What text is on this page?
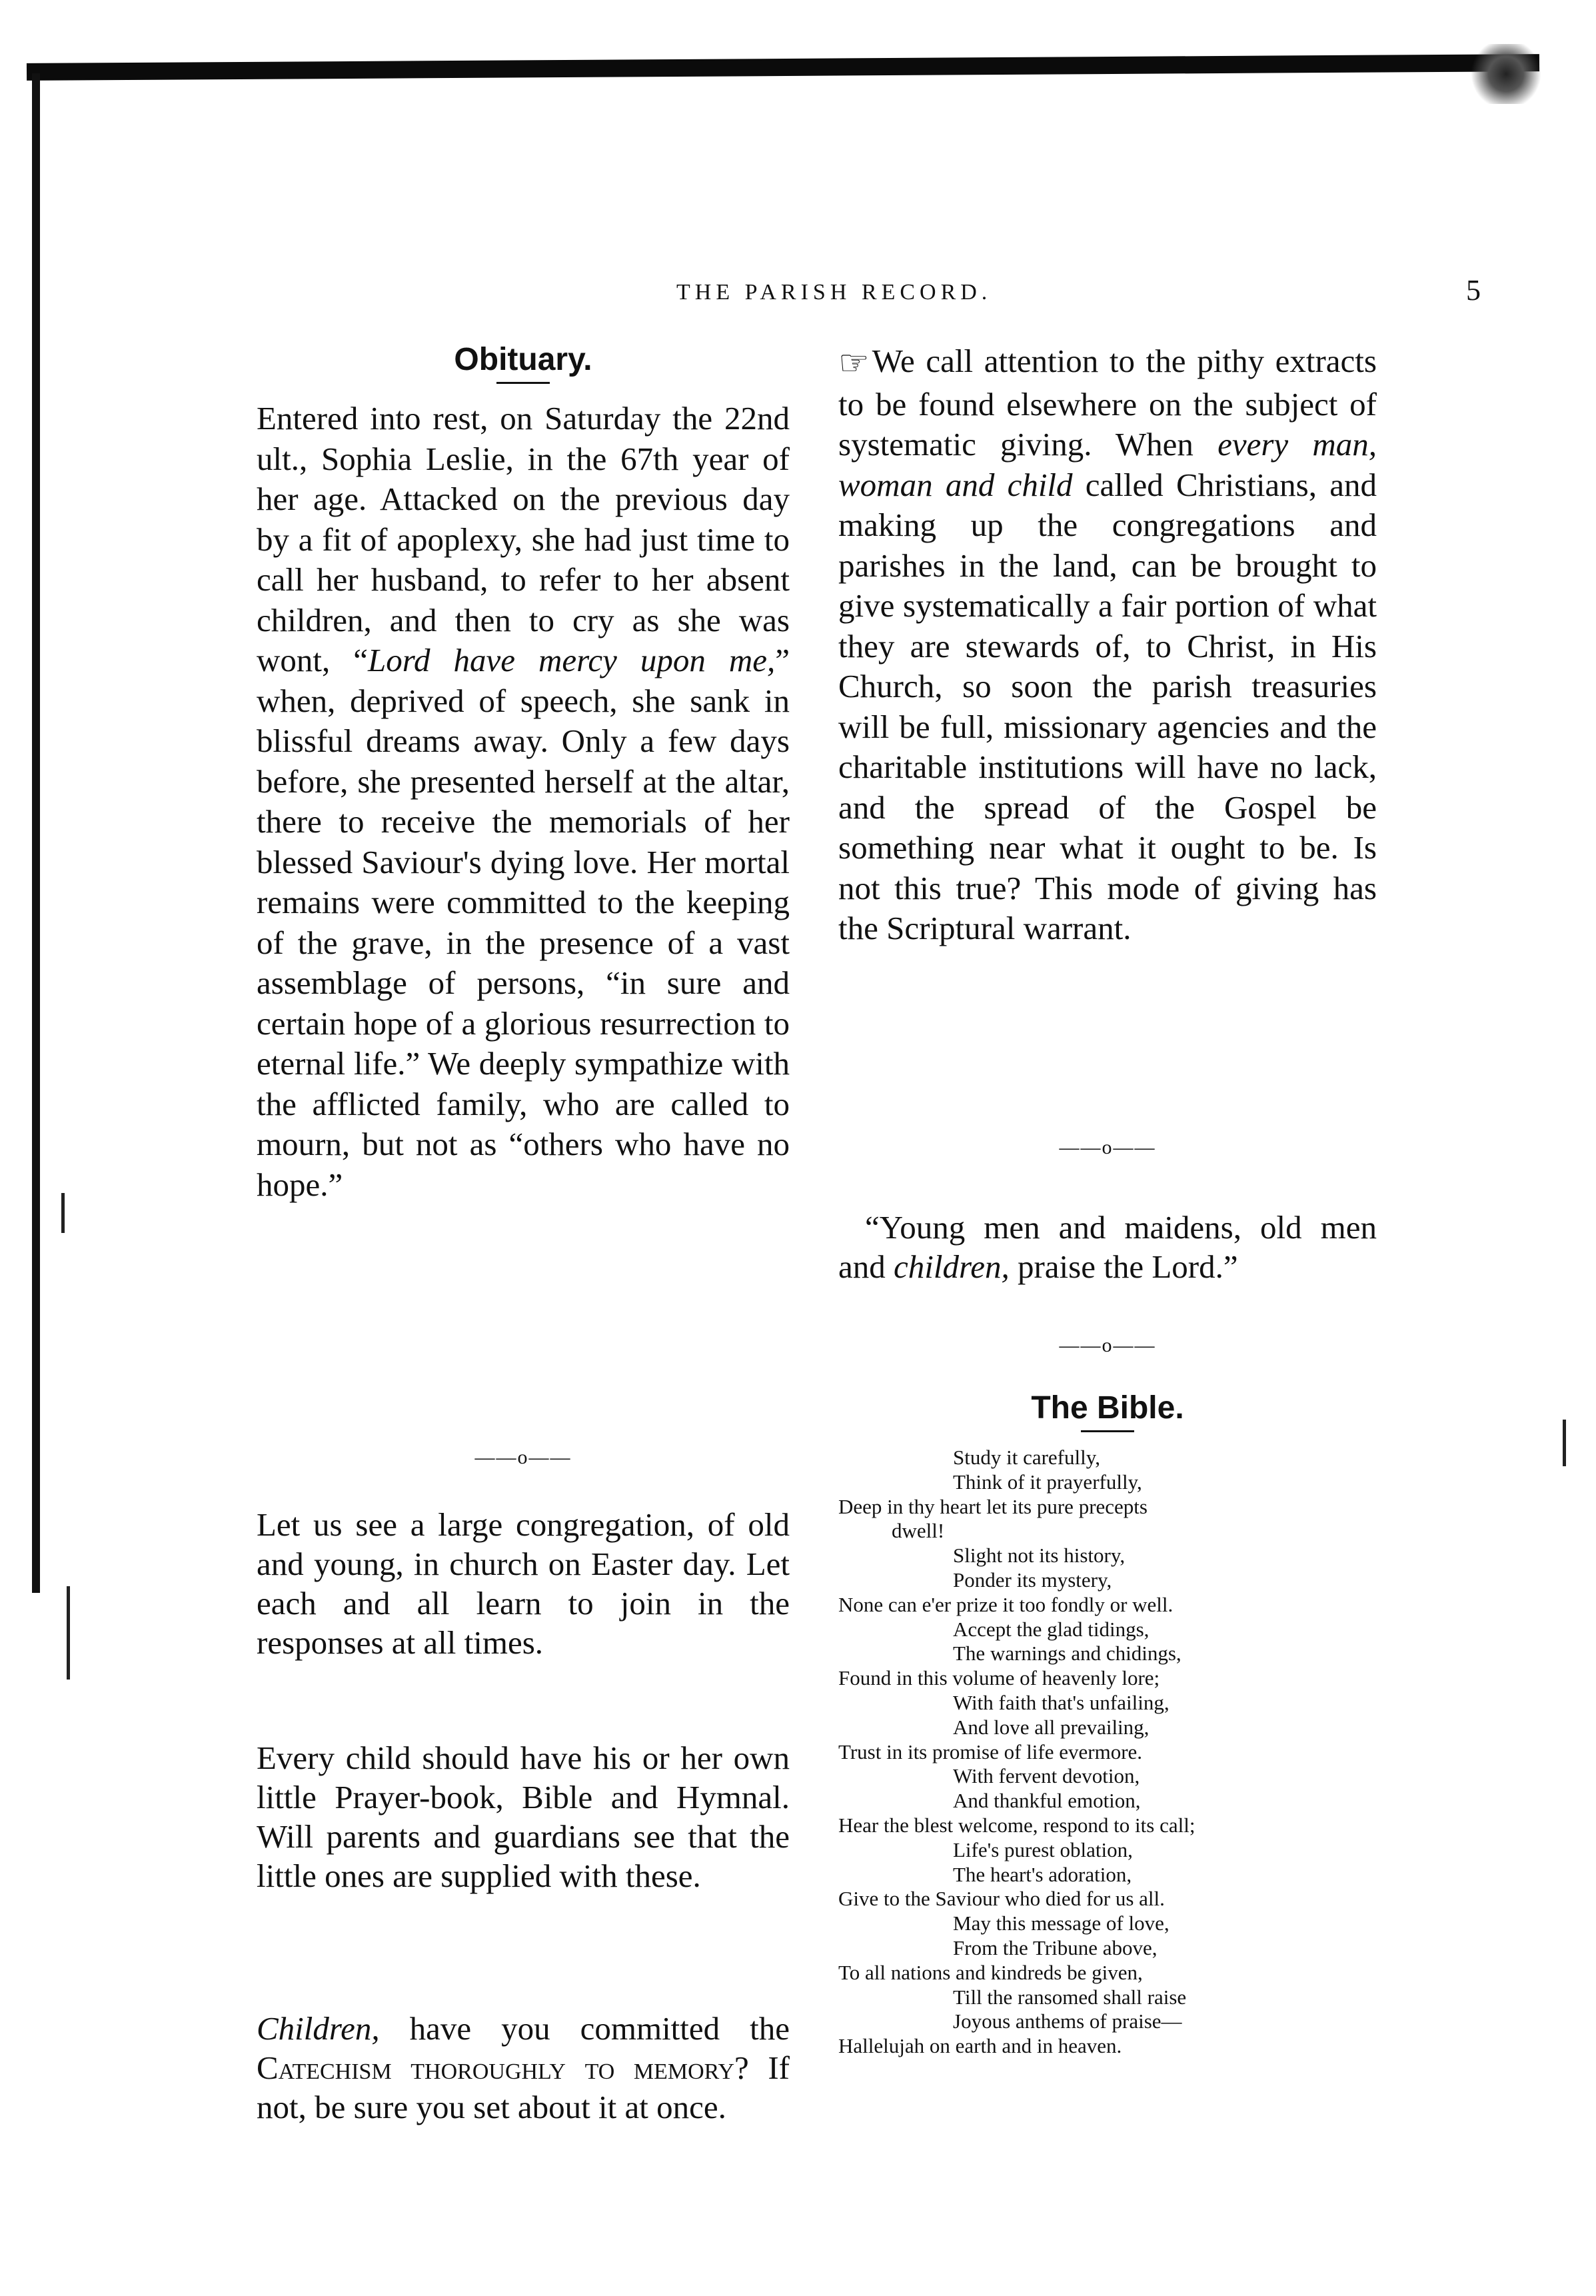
THE PARISH RECORD.	5
Obituary.

Entered into rest, on Saturday the 22nd ult., Sophia Leslie, in the 67th year of her age. Attacked on the previous day by a fit of apoplexy, she had just time to call her husband, to refer to her absent children, and then to cry as she was wont, “Lord have mercy upon me,” when, deprived of speech, she sank in blissful dreams away. Only a few days before, she presented herself at the altar, there to receive the memorials of her blessed Saviour's dying love. Her mortal remains were committed to the keeping of the grave, in the presence of a vast assemblage of persons, “in sure and certain hope of a glorious resurrection to eternal life.” We deeply sympathize with the afflicted family, who are called to mourn, but not as “others who have no hope.”

——o——

Let us see a large congregation, of old and young, in church on Easter day. Let each and all learn to join in the responses at all times.

Every child should have his or her own little Prayer-book, Bible and Hymnal. Will parents and guardians see that the little ones are supplied with these.

Children, have you committed the Catechism thoroughly to memory? If not, be sure you set about it at once.

☞We call attention to the pithy extracts to be found elsewhere on the subject of systematic giving. When every man, woman and child called Christians, and making up the congregations and parishes in the land, can be brought to give systematically a fair portion of what they are stewards of, to Christ, in His Church, so soon the parish treasuries will be full, missionary agencies and the charitable institutions will have no lack, and the spread of the Gospel be something near what it ought to be. Is not this true? This mode of giving has the Scriptural warrant.

——o——

“Young men and maidens, old men and children, praise the Lord.”

——o——
The Bible.
Study it carefully,
Think of it prayerfully,
Deep in thy heart let its pure precepts
dwell!
Slight not its history,
Ponder its mystery,
None can e'er prize it too fondly or well.
Accept the glad tidings,
The warnings and chidings,
Found in this volume of heavenly lore;
With faith that's unfailing,
And love all prevailing,
Trust in its promise of life evermore.
With fervent devotion,
And thankful emotion,
Hear the blest welcome, respond to its call;
Life's purest oblation,
The heart's adoration,
Give to the Saviour who died for us all.
May this message of love,
From the Tribune above,
To all nations and kindreds be given,
Till the ransomed shall raise
Joyous anthems of praise—
Hallelujah on earth and in heaven.
